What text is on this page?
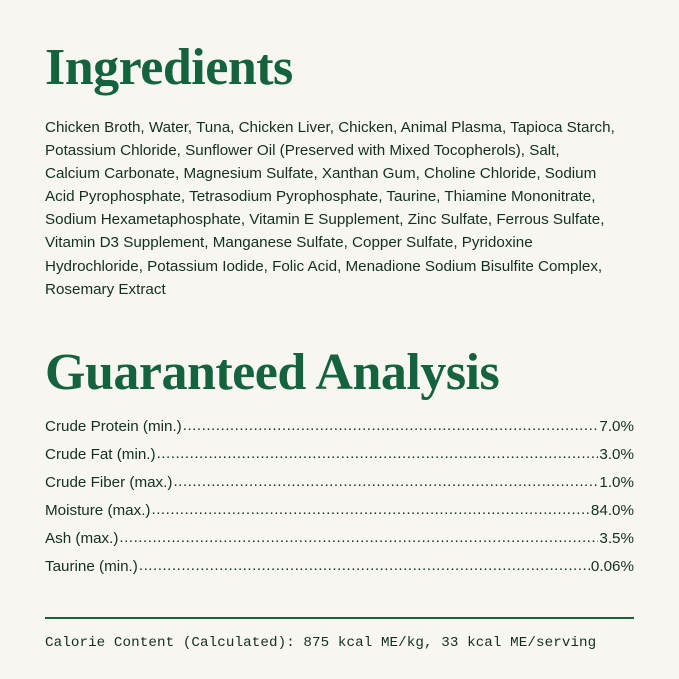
Ingredients

Chicken Broth, Water, Tuna, Chicken Liver, Chicken, Animal Plasma, Tapioca Starch, Potassium Chloride, Sunflower Oil (Preserved with Mixed Tocopherols), Salt, Calcium Carbonate, Magnesium Sulfate, Xanthan Gum, Choline Chloride, Sodium Acid Pyrophosphate, Tetrasodium Pyrophosphate, Taurine, Thiamine Mononitrate, Sodium Hexametaphosphate, Vitamin E Supplement, Zinc Sulfate, Ferrous Sulfate, Vitamin D3 Supplement, Manganese Sulfate, Copper Sulfate, Pyridoxine Hydrochloride, Potassium Iodide, Folic Acid, Menadione Sodium Bisulfite Complex, Rosemary Extract

Guaranteed Analysis
Crude Protein (min.) .....	7.0%
Crude Fat (min.) .....	3.0%
Crude Fiber (max.) .....	1.0%
Moisture (max.) .....	84.0%
Ash (max.) .....	3.5%
Taurine (min.) .....	0.06%
Calorie Content (Calculated): 875 kcal ME/kg, 33 kcal ME/serving
